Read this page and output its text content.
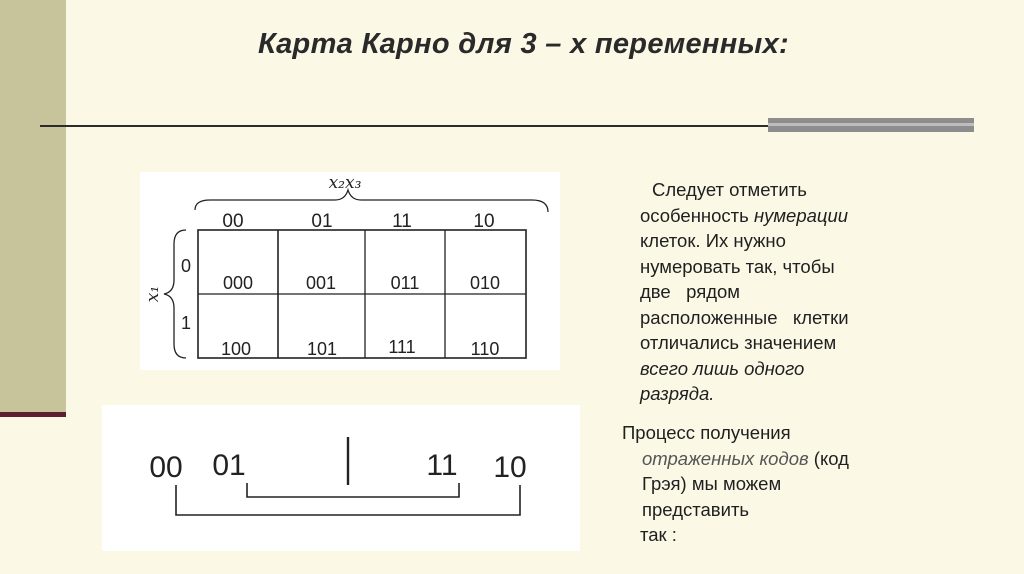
Карта Карно для 3 – х переменных:
x₂x₃
00	01	11	10
x₁
0
1
000	001	011	010
100	101	111	110
00 01	11 10
Следует отметить
особенность нумерации
клеток. Их нужно
нумеровать так, чтобы
две   рядом
расположенные   клетки
отличались значением
всего лишь одного
разряда.
Процесс получения
отраженных кодов (код
Грэя) мы можем
представить
так :
